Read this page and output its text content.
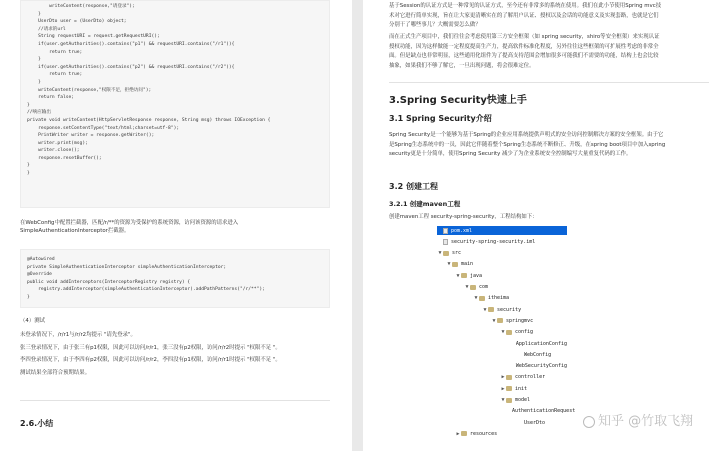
writeContent(response,"请登录");
}
UserDto user = (UserDto) object;
//请求的url
String requestURI = request.getRequestURI();
if(user.getAuthorities().contains("p1") && requestURI.contains("/r1")){
return true;
}
if(user.getAuthorities().contains("p2") && requestURI.contains("/r2")){
return true;
}
writeContent(response,"权限不足，拒绝访问");
return false;
}
//响应输出
private void writeContent(HttpServletResponse response, String msg) throws IOException {
response.setContentType("text/html;charset=utf-8");
PrintWriter writer = response.getWriter();
writer.print(msg);
writer.close();
response.resetBuffer();
}
}
在WebConfig中配置拦截器，匹配/r/**的资源为受保护的系统资源，访问该资源的请求进入SimpleAuthenticationInterceptor拦截器。
@Autowired
private SimpleAuthenticationInterceptor simpleAuthenticationInterceptor;
@Override
public void addInterceptors(InterceptorRegistry registry) {
registry.addInterceptor(simpleAuthenticationInterceptor).addPathPatterns("/r/**");
}
（4）测试
未登录情况下，/r/r1与/r/r2均提示 "请先登录"。
张三登录情况下，由于张三有p1权限，因此可以访问/r/r1，张三没有p2权限，访问/r/r2时提示 "权限不足 "。
李四登录情况下，由于李四有p2权限，因此可以访问/r/r2，李四没有p1权限，访问/r/r1时提示 "权限不足 "。
测试结果全部符合预期结果。
2.6.小结
基于Session的认证方式是一种常见的认证方式，至今还有非常多的系统在使用。我们在此小节使用Spring mvc技
术对它进行简单实现，旨在让大家更清晰实在的了解用户认证、授权以及会话的功能意义及实现套路，也就是它们
分别干了哪些事儿？大概需要怎么做？
而在正式生产项目中，我们往往会考虑使用第三方安全框架（如 spring security，shiro等安全框架）来实现认证
授权功能，因为这样做能一定程度提高生产力，提高软件标准化程度，另外往往这些框架的可扩展性考虑的非常全
面。但是缺点也非常明显，这些通用化组件为了提高支持范围会增加很多可能我们不需要的功能，结构上也会比较
抽象，如果我们不够了解它，一旦出现问题，将会很难定位。
3.Spring Security快速上手
3.1 Spring Security介绍
Spring Security是一个能够为基于Spring的企业应用系统提供声明式的安全访问控制解决方案的安全框架。由于它
是Spring生态系统中的一员，因此它伴随着整个Spring生态系统不断修正、升级，在spring boot项目中加入spring
security更是十分简单，使用Spring Security 减少了为企业系统安全控制编写大量重复代码的工作。
3.2 创建工程
3.2.1 创建maven工程
创建maven工程 security-spring-security，工程结构如下：
pom.xml
security-spring-security.iml
▼	src
▼	main
▼	java
▼	com
▼	itheima
▼	security
▼	springmvc
▼	config
ApplicationConfig
WebConfig
WebSecurityConfig
▶	controller
▶	init
▼	model
AuthenticationRequest
UserDto
▶	resources
知乎 @竹取飞翔
